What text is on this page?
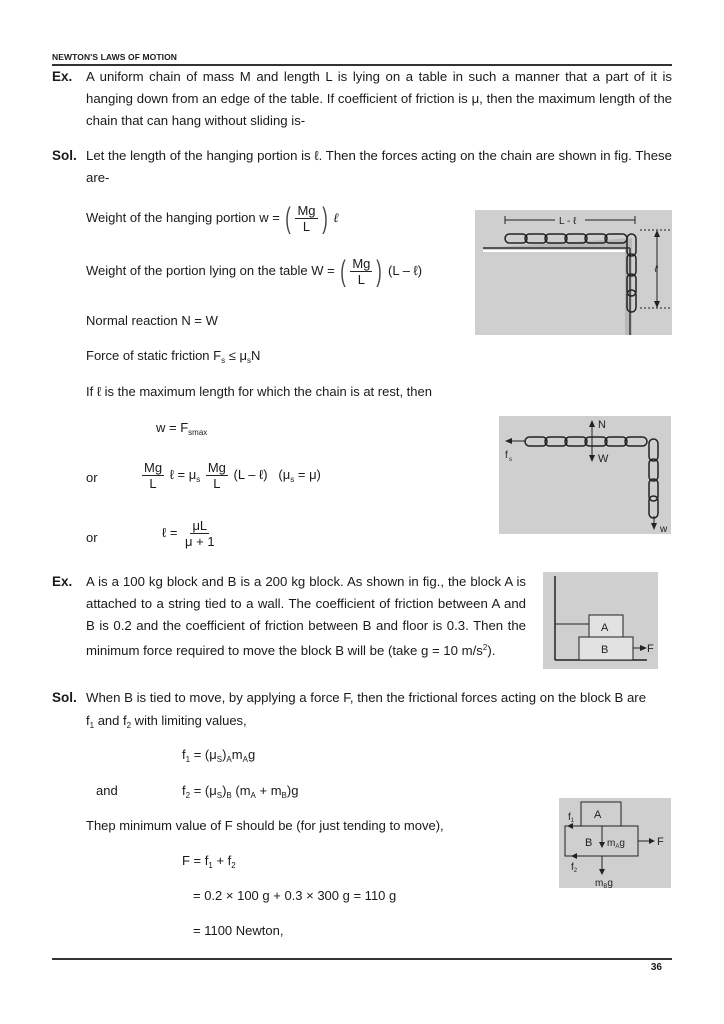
NEWTON'S LAWS OF MOTION
Ex. A uniform chain of mass M and length L is lying on a table in such a manner that a part of it is hanging down from an edge of the table. If coefficient of friction is μ, then the maximum length of the chain that can hang without sliding is-
Sol. Let the length of the hanging portion is ℓ. Then the forces acting on the chain are shown in fig. These are-
Weight of the hanging portion w = ( $\frac{Mg}{L}$ ) ℓ
Weight of the portion lying on the table W = ( $\frac{Mg}{L}$ ) (L – ℓ)
Normal reaction N = W
Force of static friction $F_s \le \mu_sN$
If ℓ is the maximum length for which the chain is at rest, then
$w = F_{smax}$
or	$\frac{Mg}{L}$ ℓ = $\mu_s \frac{Mg}{L} (L$ – ℓ) $(\mu_s = \mu)$
or	ℓ = $\frac{\mu L}{\mu + 1}$
L - ℓ
ℓ
N
W
f s
w
Ex. A is a 100 kg block and B is a 200 kg block. As shown in fig., the block A is attached to a string tied to a wall. The coefficient of friction between A and B is 0.2 and the coefficient of friction between B and floor is 0.3. Then the minimum force required to move the block B will be (take g = 10 $m/s^2$).
A
B	F
Sol. When B is tied to move, by applying a force F, then the frictional forces acting on the block B are
$f_1$ and $f_2$ with limiting values,
$f_1 = (\mu_S)_Am_Ag$
and	$f_2 = (\mu_S)_B$ $(m_A + m_B)g$
Thep minimum value of F should be (for just tending to move),
$F = f_1 + f_2$
= 0.2 × 100 g + 0.3 × 300 g = 110 g
= 1100 Newton,
A
B $m_Ag$	F
$f_1$
$f_2$
$m_Bg$
36
